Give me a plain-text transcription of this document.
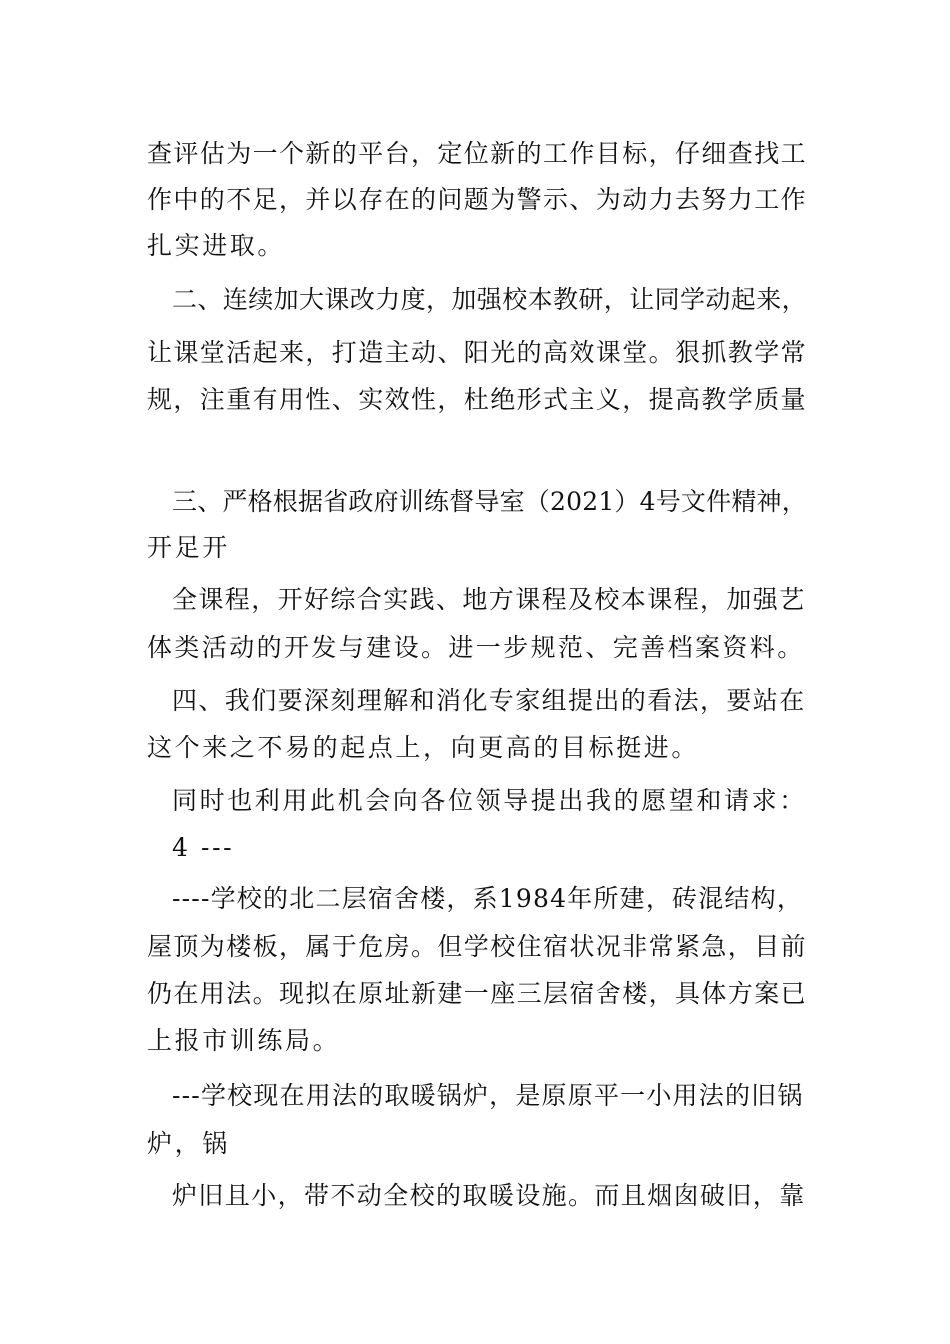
查评估为一个新的平台，定位新的工作目标，仔细查找工
作中的不足，并以存在的问题为警示、为动力去努力工作
扎实进取。
二、连续加大课改力度，加强校本教研，让同学动起来，
让课堂活起来，打造主动、阳光的高效课堂。狠抓教学常
规，注重有用性、实效性，杜绝形式主义，提高教学质量
三、严格根据省政府训练督导室（2021）4号文件精神，
开足开
全课程，开好综合实践、地方课程及校本课程，加强艺
体类活动的开发与建设。进一步规范、完善档案资料。
四、我们要深刻理解和消化专家组提出的看法，要站在
这个来之不易的起点上，向更高的目标挺进。
同时也利用此机会向各位领导提出我的愿望和请求：
4 ---
----学校的北二层宿舍楼，系1984年所建，砖混结构，
屋顶为楼板，属于危房。但学校住宿状况非常紧急，目前
仍在用法。现拟在原址新建一座三层宿舍楼，具体方案已
上报市训练局。
---学校现在用法的取暖锅炉，是原原平一小用法的旧锅
炉，锅
炉旧且小，带不动全校的取暖设施。而且烟囱破旧，靠
